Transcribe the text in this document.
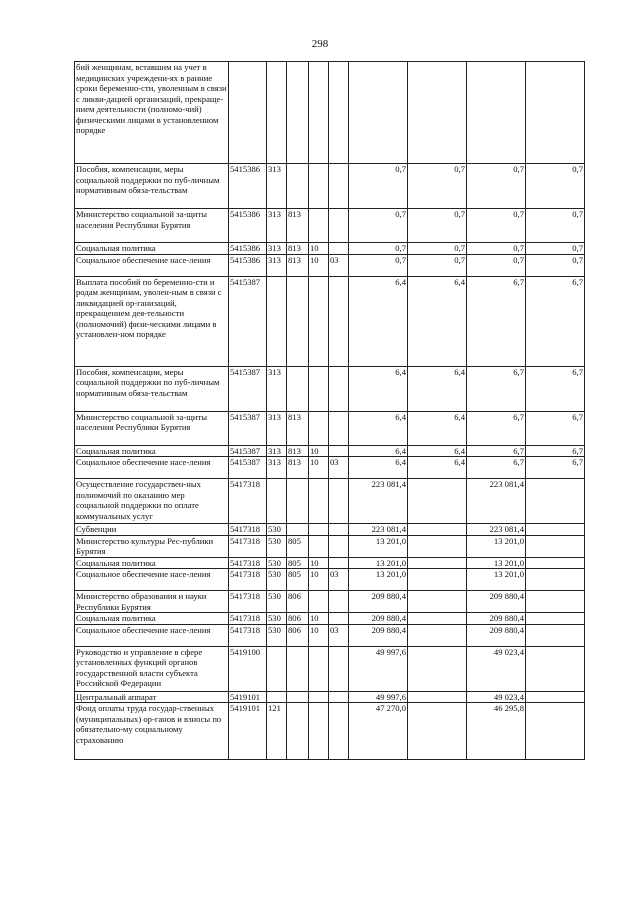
298
бий женщинам, вставшим на учет в медицинских учреждени-ях в ранние сроки беременно-сти, уволенным в связи с ликви-дацией организаций, прекраще-нием деятельности (полномо-чий) физическими лицами в установленном порядке									
Пособия, компенсации, меры социальной поддержки по пуб-личным нормативным обяза-тельствам	5415386	313				0,7	0,7	0,7	0,7
Министерство социальной за-щиты населения Республики Бурятия	5415386	313	813			0,7	0,7	0,7	0,7
Социальная политика	5415386	313	813	10		0,7	0,7	0,7	0,7
Социальное обеспечение насе-ления	5415386	313	813	10	03	0,7	0,7	0,7	0,7
Выплата пособий по беременно-сти и родам женщинам, уволен-ным в связи с ликвидацией ор-ганизаций, прекращением дея-тельности (полномочий) физи-ческими лицами в установлен-ном порядке	5415387					6,4	6,4	6,7	6,7
Пособия, компенсации, меры социальной поддержки по пуб-личным нормативным обяза-тельствам	5415387	313				6,4	6,4	6,7	6,7
Министерство социальной за-щиты населения Республики Бурятия	5415387	313	813			6,4	6,4	6,7	6,7
Социальная политика	5415387	313	813	10		6,4	6,4	6,7	6,7
Социальное обеспечение насе-ления	5415387	313	813	10	03	6,4	6,4	6,7	6,7
Осуществление государствен-ных полномочий по оказанию мер социальной поддержки по оплате коммунальных услуг	5417318					223 081,4		223 081,4	
Субвенции	5417318	530				223 081,4		223 081,4	
Министерство культуры Рес-публики Бурятия	5417318	530	805			13 201,0		13 201,0	
Социальная политика	5417318	530	805	10		13 201,0		13 201,0	
Социальное обеспечение насе-ления	5417318	530	805	10	03	13 201,0		13 201,0	
Министерство образования и науки Республики Бурятия	5417318	530	806			209 880,4		209 880,4	
Социальная политика	5417318	530	806	10		209 880,4		209 880,4	
Социальное обеспечение насе-ления	5417318	530	806	10	03	209 880,4		209 880,4	
Руководство и управление в сфере установленных функций органов государственной власти субъекта Российской Федерации	5419100					49 997,6		49 023,4	
Центральный аппарат	5419101					49 997,6		49 023,4	
Фонд оплаты труда государ-ственных (муниципальных) ор-ганов и взносы по обязательно-му социальному страхованию	5419101	121				47 270,0		46 295,8	
